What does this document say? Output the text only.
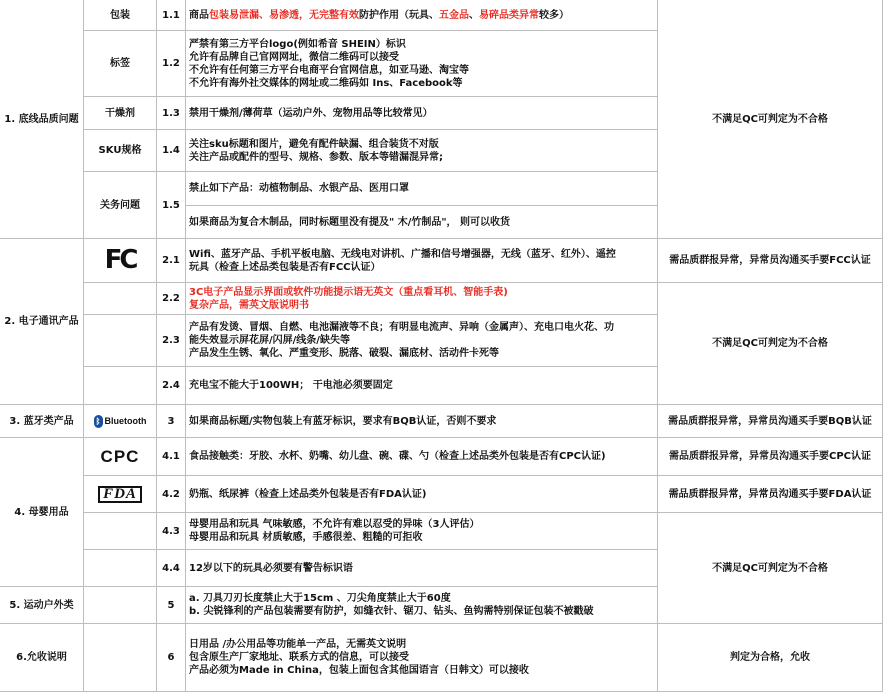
1. 底线品质问题
2. 电子通讯产品
3. 蓝牙类产品
4. 母婴用品
5. 运动户外类
6.允收说明
包装
标签
干燥剂
SKU规格
关务问题
FC
ᛒ Bluetooth
CPC
FDA
1.1
1.2
1.3
1.4
1.5
2.1
2.2
2.3
2.4
3
4.1
4.2
4.3
4.4
5
6
商品包装易泄漏、易渗透，无完整有效防护作用（玩具、五金品、易碎品类异常较多）
严禁有第三方平台logo(例如希音 SHEIN）标识
允许有品牌自己官网网址，微信二维码可以接受
不允许有任何第三方平台电商平台官网信息，如亚马逊、淘宝等
不允许有海外社交媒体的网址或二维码如 Ins、Facebook等
禁用干燥剂/薄荷草（运动户外、宠物用品等比较常见）
关注sku标题和图片，避免有配件缺漏、组合装货不对版
关注产品或配件的型号、规格、参数、版本等错漏混异常;
禁止如下产品：动植物制品、水银产品、医用口罩
如果商品为复合木制品，同时标题里没有提及" 木/竹制品"， 则可以收货
Wifi、蓝牙产品、手机平板电脑、无线电对讲机、广播和信号增强器，无线（蓝牙、红外）、遥控
玩具（检查上述品类包装是否有FCC认证）
3C电子产品显示界面或软件功能提示语无英文（重点看耳机、智能手表)
复杂产品，需英文版说明书
产品有发烫、冒烟、自燃、电池漏液等不良；有明显电流声、异响（金属声）、充电口电火花、功
能失效显示屏花屏/闪屏/线条/缺失等
产品发生生锈、氧化、严重变形、脱落、破裂、漏底材、活动件卡死等
充电宝不能大于100WH； 干电池必须要固定
如果商品标题/实物包装上有蓝牙标识，要求有BQB认证，否则不要求
食品接触类：牙胶、水杯、奶嘴、幼儿盘、碗、碟、勺（检查上述品类外包装是否有CPC认证)
奶瓶、纸尿裤（检查上述品类外包装是否有FDA认证)
母婴用品和玩具 气味敏感，不允许有难以忍受的异味（3人评估）
母婴用品和玩具 材质敏感，手感很差、粗糙的可拒收
12岁以下的玩具必须要有警告标识语
a. 刀具刀刃长度禁止大于15cm 、刀尖角度禁止大于60度
b. 尖锐锋利的产品包装需要有防护，如缝衣针、锯刀、钻头、鱼钩需特别保证包装不被戳破
日用品 /办公用品等功能单一产品，无需英文说明
包含原生产厂家地址、联系方式的信息，可以接受
产品必须为Made in China，包装上面包含其他国语言（日韩文）可以接收
不满足QC可判定为不合格
需品质群报异常，异常员沟通买手要FCC认证
不满足QC可判定为不合格
需品质群报异常，异常员沟通买手要BQB认证
需品质群报异常，异常员沟通买手要CPC认证
需品质群报异常，异常员沟通买手要FDA认证
不满足QC可判定为不合格
判定为合格，允收
